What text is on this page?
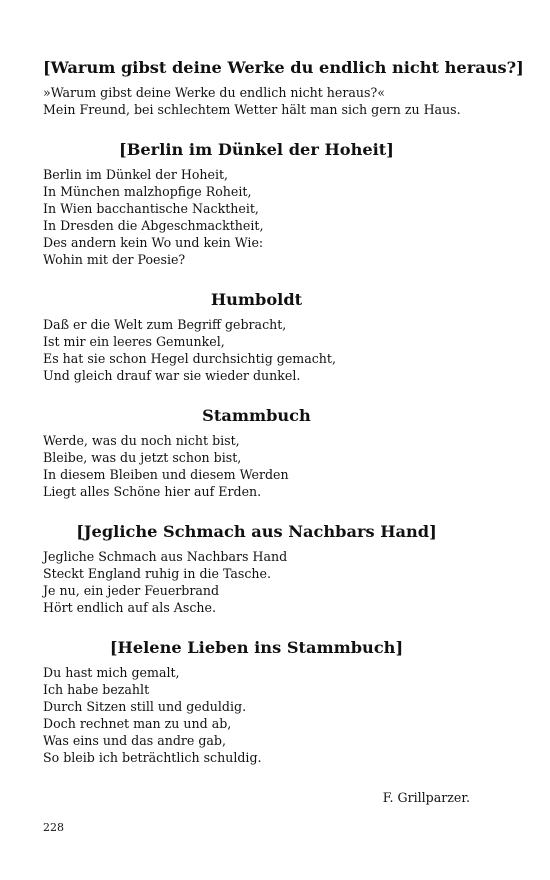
[Warum gibst deine Werke du endlich nicht heraus?]
»Warum gibst deine Werke du endlich nicht heraus?«
Mein Freund, bei schlechtem Wetter hält man sich gern zu Haus.
[Berlin im Dünkel der Hoheit]
Berlin im Dünkel der Hoheit,
In München malzhopfige Roheit,
In Wien bacchantische Nacktheit,
In Dresden die Abgeschmacktheit,
Des andern kein Wo und kein Wie:
Wohin mit der Poesie?
Humboldt
Daß er die Welt zum Begriff gebracht,
Ist mir ein leeres Gemunkel,
Es hat sie schon Hegel durchsichtig gemacht,
Und gleich drauf war sie wieder dunkel.
Stammbuch
Werde, was du noch nicht bist,
Bleibe, was du jetzt schon bist,
In diesem Bleiben und diesem Werden
Liegt alles Schöne hier auf Erden.
[Jegliche Schmach aus Nachbars Hand]
Jegliche Schmach aus Nachbars Hand
Steckt England ruhig in die Tasche.
Je nu, ein jeder Feuerbrand
Hört endlich auf als Asche.
[Helene Lieben ins Stammbuch]
Du hast mich gemalt,
Ich habe bezahlt
Durch Sitzen still und geduldig.
Doch rechnet man zu und ab,
Was eins und das andre gab,
So bleib ich beträchtlich schuldig.
F. Grillparzer.
228
